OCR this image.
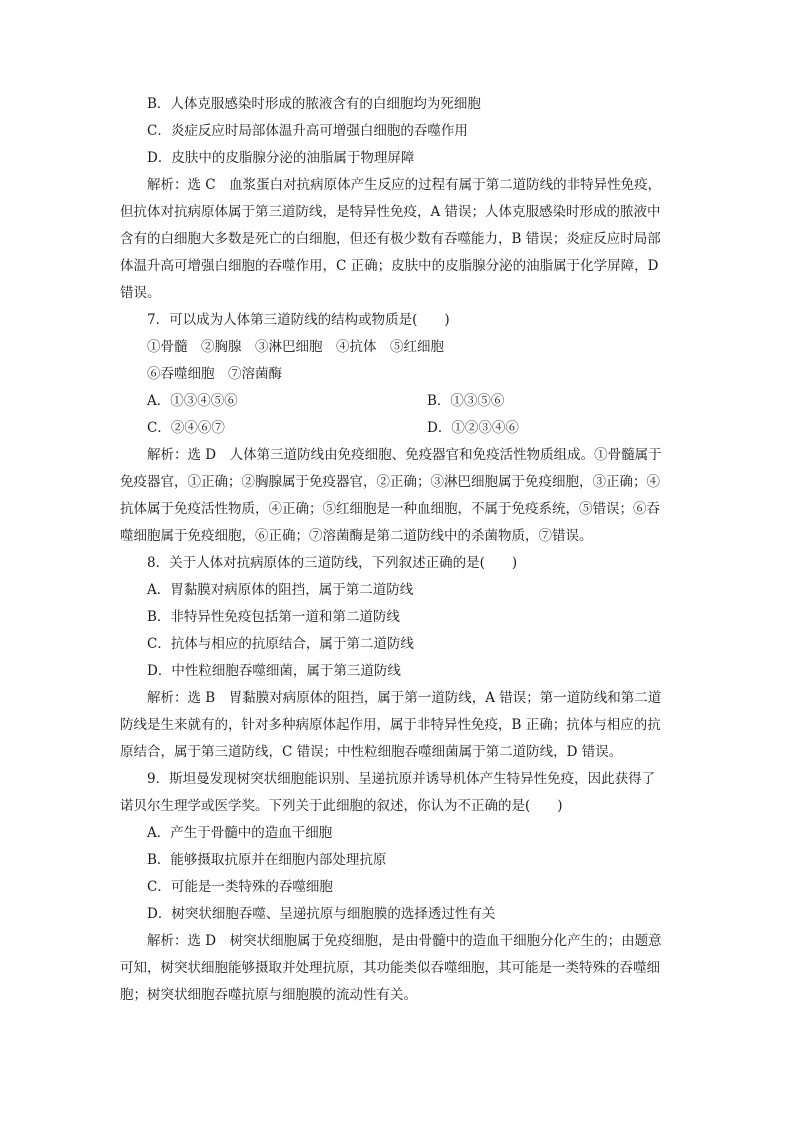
B．人体克服感染时形成的脓液含有的白细胞均为死细胞
C．炎症反应时局部体温升高可增强白细胞的吞噬作用
D．皮肤中的皮脂腺分泌的油脂属于物理屏障
解析：选 C　血浆蛋白对抗病原体产生反应的过程有属于第二道防线的非特异性免疫，
但抗体对抗病原体属于第三道防线，是特异性免疫，A 错误；人体克服感染时形成的脓液中
含有的白细胞大多数是死亡的白细胞，但还有极少数有吞噬能力，B 错误；炎症反应时局部
体温升高可增强白细胞的吞噬作用，C 正确；皮肤中的皮脂腺分泌的油脂属于化学屏障，D
错误。
7．可以成为人体第三道防线的结构或物质是(　　)
①骨髓　②胸腺　③淋巴细胞　④抗体　⑤红细胞
⑥吞噬细胞　⑦溶菌酶
A．①③④⑤⑥	B．①③⑤⑥
C．②④⑥⑦	D．①②③④⑥
解析：选 D　人体第三道防线由免疫细胞、免疫器官和免疫活性物质组成。①骨髓属于
免疫器官，①正确；②胸腺属于免疫器官，②正确；③淋巴细胞属于免疫细胞，③正确；④
抗体属于免疫活性物质，④正确；⑤红细胞是一种血细胞，不属于免疫系统，⑤错误；⑥吞
噬细胞属于免疫细胞，⑥正确；⑦溶菌酶是第二道防线中的杀菌物质，⑦错误。
8．关于人体对抗病原体的三道防线，下列叙述正确的是(　　)
A．胃黏膜对病原体的阻挡，属于第二道防线
B．非特异性免疫包括第一道和第二道防线
C．抗体与相应的抗原结合，属于第二道防线
D．中性粒细胞吞噬细菌，属于第三道防线
解析：选 B　胃黏膜对病原体的阻挡，属于第一道防线，A 错误；第一道防线和第二道
防线是生来就有的，针对多种病原体起作用，属于非特异性免疫，B 正确；抗体与相应的抗
原结合，属于第三道防线，C 错误；中性粒细胞吞噬细菌属于第二道防线，D 错误。
9．斯坦曼发现树突状细胞能识别、呈递抗原并诱导机体产生特异性免疫，因此获得了
诺贝尔生理学或医学奖。下列关于此细胞的叙述，你认为不正确的是(　　)
A．产生于骨髓中的造血干细胞
B．能够摄取抗原并在细胞内部处理抗原
C．可能是一类特殊的吞噬细胞
D．树突状细胞吞噬、呈递抗原与细胞膜的选择透过性有关
解析：选 D　树突状细胞属于免疫细胞，是由骨髓中的造血干细胞分化产生的；由题意
可知，树突状细胞能够摄取并处理抗原，其功能类似吞噬细胞，其可能是一类特殊的吞噬细
胞；树突状细胞吞噬抗原与细胞膜的流动性有关。
